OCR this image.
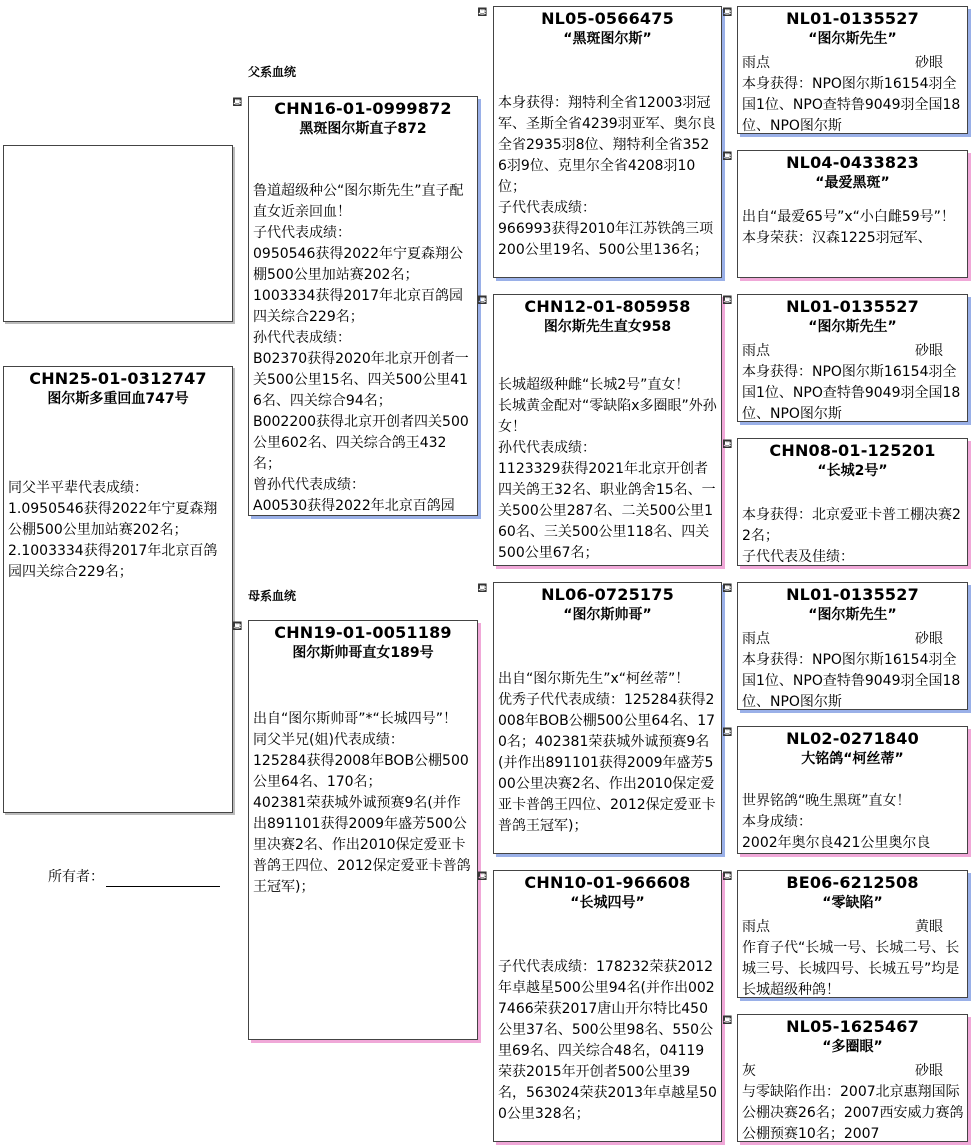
CHN25-01-0312747
图尔斯多重回血747号
同父半平辈代表成绩：
1.0950546获得2022年宁夏森翔公棚500公里加站赛202名；
2.1003334获得2017年北京百鸽园四关综合229名；
所有者：
父系血统
母系血统
⛾	CHN16-01-0999872
黑斑图尔斯直子872
鲁道超级种公“图尔斯先生”直子配直女近亲回血！
子代代表成绩：
0950546获得2022年宁夏森翔公棚500公里加站赛202名；
1003334获得2017年北京百鸽园四关综合229名；
孙代代表成绩：
B02370获得2020年北京开创者一关500公里15名、四关500公里416名、四关综合94名；
B002200获得北京开创者四关500公里602名、四关综合鸽王432名；
曾孙代代表成绩：
A00530获得2022年北京百鸽园
⛾	CHN19-01-0051189
图尔斯帅哥直女189号
出自“图尔斯帅哥”*“长城四号”！
同父半兄(姐)代表成绩：
125284获得2008年BOB公棚500公里64名、170名；
402381荣获城外诚预赛9名(并作出891101获得2009年盛芳500公里决赛2名、作出2010保定爱亚卡普鸽王四位、2012保定爱亚卡普鸽王冠军)；
⛾	NL05-0566475
“黑斑图尔斯”
本身获得：翔特利全省12003羽冠军、圣斯全省4239羽亚军、奥尔良全省2935羽8位、翔特利全省3526羽9位、克里尔全省4208羽10位；
子代代表成绩：
966993获得2010年江苏铁鸽三项200公里19名、500公里136名；
⛾	CHN12-01-805958
图尔斯先生直女958
长城超级种雌“长城2号”直女！
长城黄金配对“零缺陷x多圈眼”外孙女！
孙代代表成绩：
1123329获得2021年北京开创者四关鸽王32名、职业鸽舍15名、一关500公里287名、二关500公里160名、三关500公里118名、四关500公里67名；
⛾	NL06-0725175
“图尔斯帅哥”
出自“图尔斯先生”x“柯丝蒂”！
优秀子代代表成绩：125284获得2008年BOB公棚500公里64名、170名；402381荣获城外诚预赛9名(并作出891101获得2009年盛芳500公里决赛2名、作出2010保定爱亚卡普鸽王四位、2012保定爱亚卡普鸽王冠军)；
⛾	CHN10-01-966608
“长城四号”
子代代表成绩：178232荣获2012年卓越星500公里94名(并作出0027466荣获2017唐山开尔特比450公里37名、500公里98名、550公里69名、四关综合48名，04119荣获2015年开创者500公里39名，563024荣获2013年卓越星500公里328名；
⛾	NL01-0135527
“图尔斯先生”
雨点	砂眼
本身获得：NPO图尔斯16154羽全国1位、NPO查特鲁9049羽全国18位、NPO图尔斯
⛾	NL04-0433823
“最爱黑斑”
出自“最爱65号”x“小白雌59号”！
本身荣获：汉森1225羽冠军、
⛾	NL01-0135527
“图尔斯先生”
雨点	砂眼
本身获得：NPO图尔斯16154羽全国1位、NPO查特鲁9049羽全国18位、NPO图尔斯
⛾	CHN08-01-125201
“长城2号”
本身获得：北京爱亚卡普工棚决赛22名；
子代代表及佳绩：
⛾	NL01-0135527
“图尔斯先生”
雨点	砂眼
本身获得：NPO图尔斯16154羽全国1位、NPO查特鲁9049羽全国18位、NPO图尔斯
⛾	NL02-0271840
大铭鸽“柯丝蒂”
世界铭鸽“晚生黑斑”直女！
本身成绩：
2002年奥尔良421公里奥尔良
⛾	BE06-6212508
“零缺陷”
雨点	黄眼
作育子代“长城一号、长城二号、长城三号、长城四号、长城五号”均是长城超级种鸽！
⛾	NL05-1625467
“多圈眼”
灰	砂眼
与零缺陷作出：2007北京惠翔国际公棚决赛26名；2007西安威力赛鸽公棚预赛10名；2007
